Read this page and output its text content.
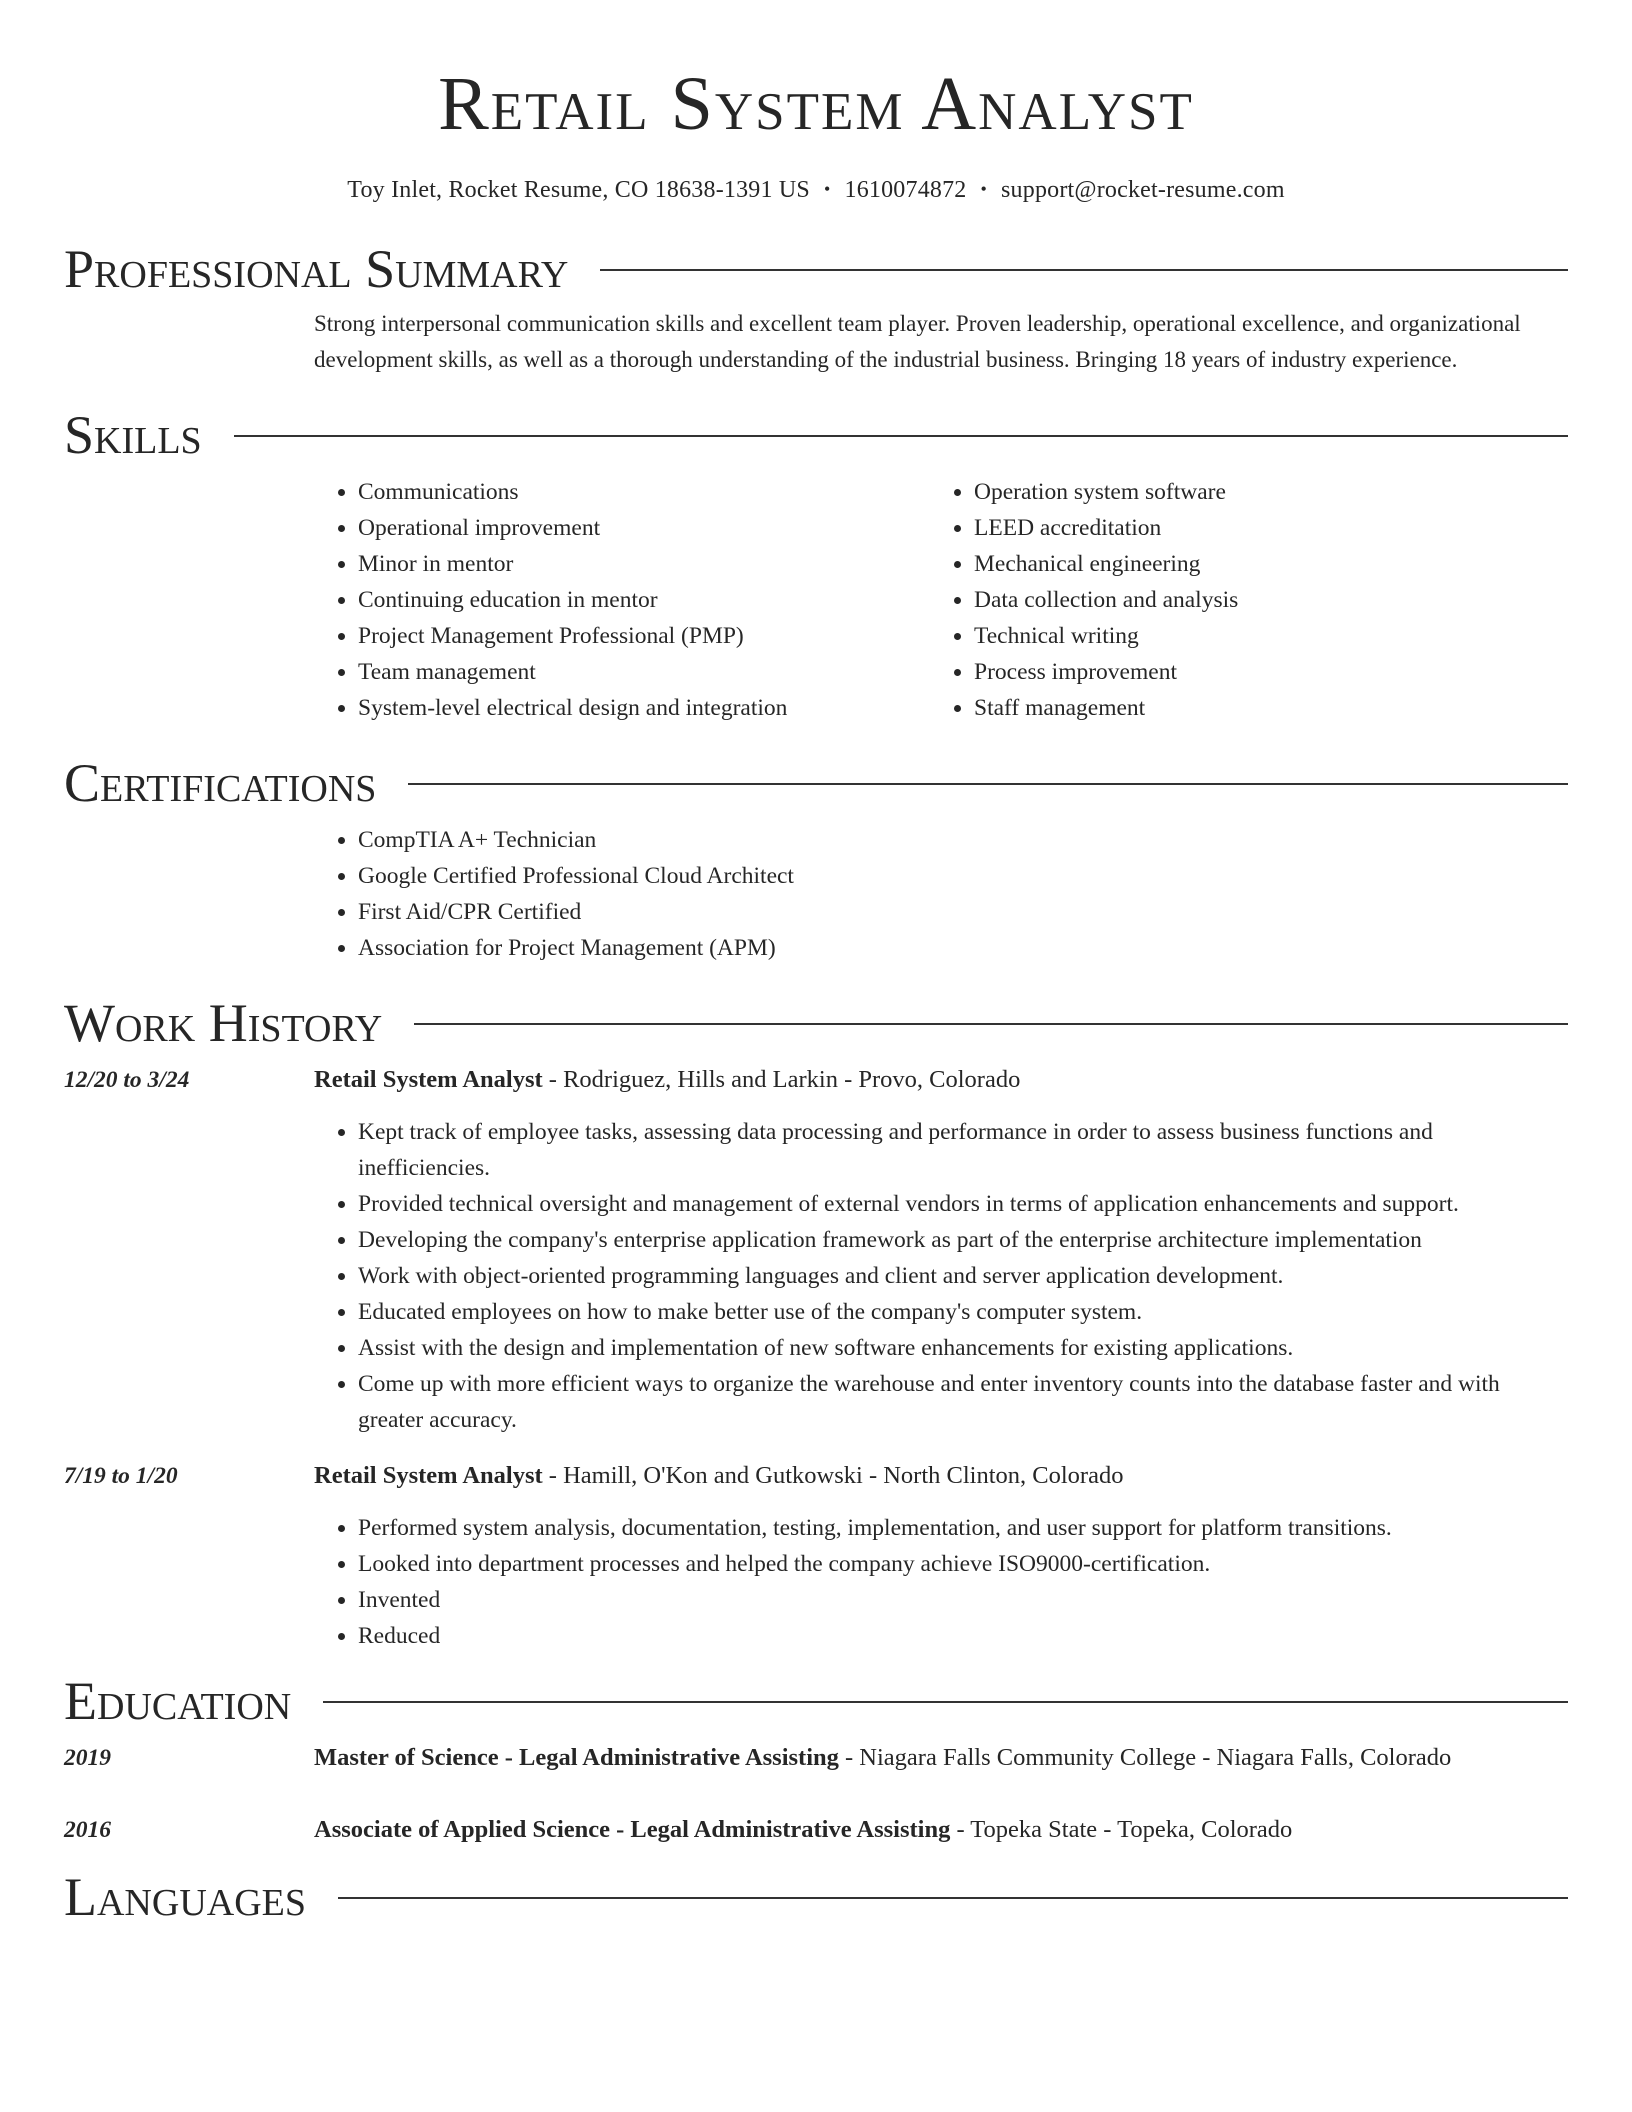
Retail System Analyst
Toy Inlet, Rocket Resume, CO 18638-1391 US • 1610074872 • support@rocket-resume.com
Professional Summary
Strong interpersonal communication skills and excellent team player. Proven leadership, operational excellence, and organizational development skills, as well as a thorough understanding of the industrial business. Bringing 18 years of industry experience.
Skills
• Communications
• Operational improvement
• Minor in mentor
• Continuing education in mentor
• Project Management Professional (PMP)
• Team management
• System-level electrical design and integration
• Operation system software
• LEED accreditation
• Mechanical engineering
• Data collection and analysis
• Technical writing
• Process improvement
• Staff management
Certifications
• CompTIA A+ Technician
• Google Certified Professional Cloud Architect
• First Aid/CPR Certified
• Association for Project Management (APM)
Work History
12/20 to 3/24	Retail System Analyst - Rodriguez, Hills and Larkin - Provo, Colorado
• Kept track of employee tasks, assessing data processing and performance in order to assess business functions and inefficiencies.
• Provided technical oversight and management of external vendors in terms of application enhancements and support.
• Developing the company's enterprise application framework as part of the enterprise architecture implementation
• Work with object-oriented programming languages and client and server application development.
• Educated employees on how to make better use of the company's computer system.
• Assist with the design and implementation of new software enhancements for existing applications.
• Come up with more efficient ways to organize the warehouse and enter inventory counts into the database faster and with greater accuracy.
7/19 to 1/20	Retail System Analyst - Hamill, O'Kon and Gutkowski - North Clinton, Colorado
• Performed system analysis, documentation, testing, implementation, and user support for platform transitions.
• Looked into department processes and helped the company achieve ISO9000-certification.
• Invented
• Reduced
Education
2019	Master of Science - Legal Administrative Assisting - Niagara Falls Community College - Niagara Falls, Colorado
2016	Associate of Applied Science - Legal Administrative Assisting - Topeka State - Topeka, Colorado
Languages
